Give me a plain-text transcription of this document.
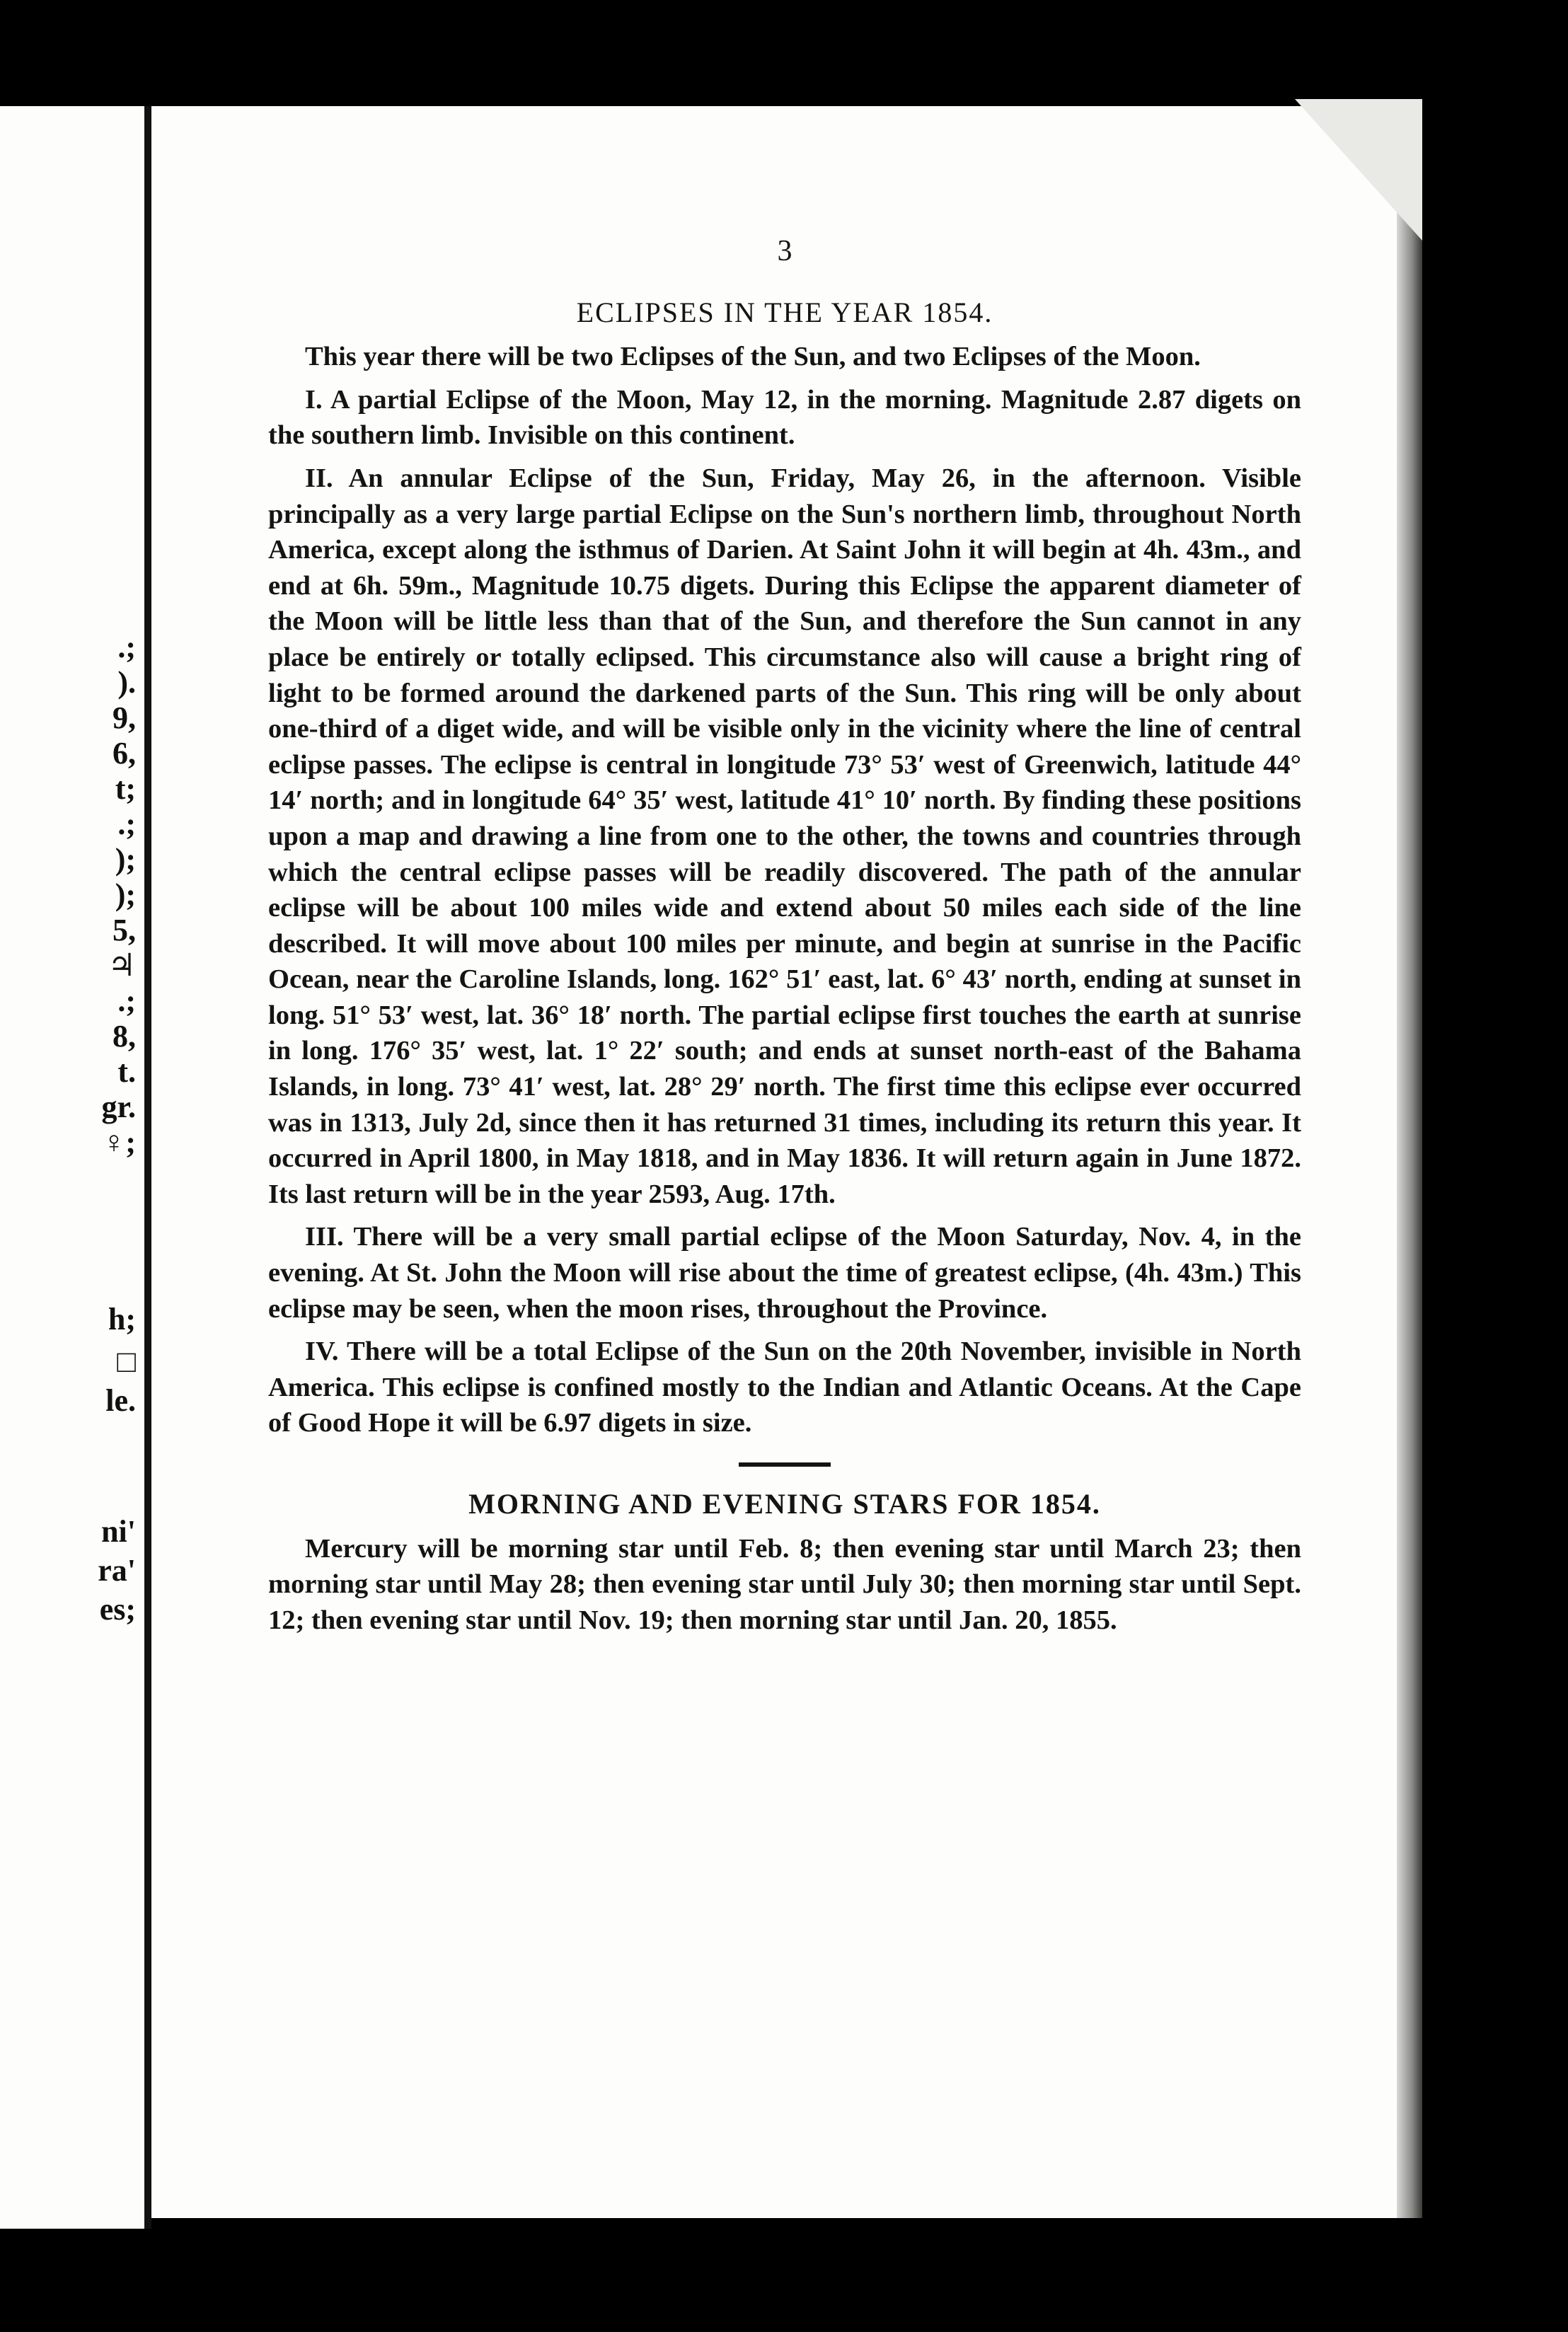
.;
).
9,
6,
t;
.;
);
);
5,
♃
.;
8,
t.
gr.
♀;
h;
□
le.
ni'
ra'
es;
3
ECLIPSES IN THE YEAR 1854.

This year there will be two Eclipses of the Sun, and two Eclipses of the Moon.

I. A partial Eclipse of the Moon, May 12, in the morning. Magnitude 2.87 digets on the southern limb. Invisible on this continent.

II. An annular Eclipse of the Sun, Friday, May 26, in the afternoon. Visible principally as a very large partial Eclipse on the Sun's northern limb, throughout North America, except along the isthmus of Darien. At Saint John it will begin at 4h. 43m., and end at 6h. 59m., Magnitude 10.75 digets. During this Eclipse the apparent diameter of the Moon will be little less than that of the Sun, and therefore the Sun cannot in any place be entirely or totally eclipsed. This circumstance also will cause a bright ring of light to be formed around the darkened parts of the Sun. This ring will be only about one-third of a diget wide, and will be visible only in the vicinity where the line of central eclipse passes. The eclipse is central in longitude 73° 53′ west of Greenwich, latitude 44° 14′ north; and in longitude 64° 35′ west, latitude 41° 10′ north. By finding these positions upon a map and drawing a line from one to the other, the towns and countries through which the central eclipse passes will be readily discovered. The path of the annular eclipse will be about 100 miles wide and extend about 50 miles each side of the line described. It will move about 100 miles per minute, and begin at sunrise in the Pacific Ocean, near the Caroline Islands, long. 162° 51′ east, lat. 6° 43′ north, ending at sunset in long. 51° 53′ west, lat. 36° 18′ north. The partial eclipse first touches the earth at sunrise in long. 176° 35′ west, lat. 1° 22′ south; and ends at sunset north-east of the Bahama Islands, in long. 73° 41′ west, lat. 28° 29′ north. The first time this eclipse ever occurred was in 1313, July 2d, since then it has returned 31 times, including its return this year. It occurred in April 1800, in May 1818, and in May 1836. It will return again in June 1872. Its last return will be in the year 2593, Aug. 17th.

III. There will be a very small partial eclipse of the Moon Saturday, Nov. 4, in the evening. At St. John the Moon will rise about the time of greatest eclipse, (4h. 43m.) This eclipse may be seen, when the moon rises, throughout the Province.

IV. There will be a total Eclipse of the Sun on the 20th November, invisible in North America. This eclipse is confined mostly to the Indian and Atlantic Oceans. At the Cape of Good Hope it will be 6.97 digets in size.

MORNING AND EVENING STARS FOR 1854.

Mercury will be morning star until Feb. 8; then evening star until March 23; then morning star until May 28; then evening star until July 30; then morning star until Sept. 12; then evening star until Nov. 19; then morning star until Jan. 20, 1855.
